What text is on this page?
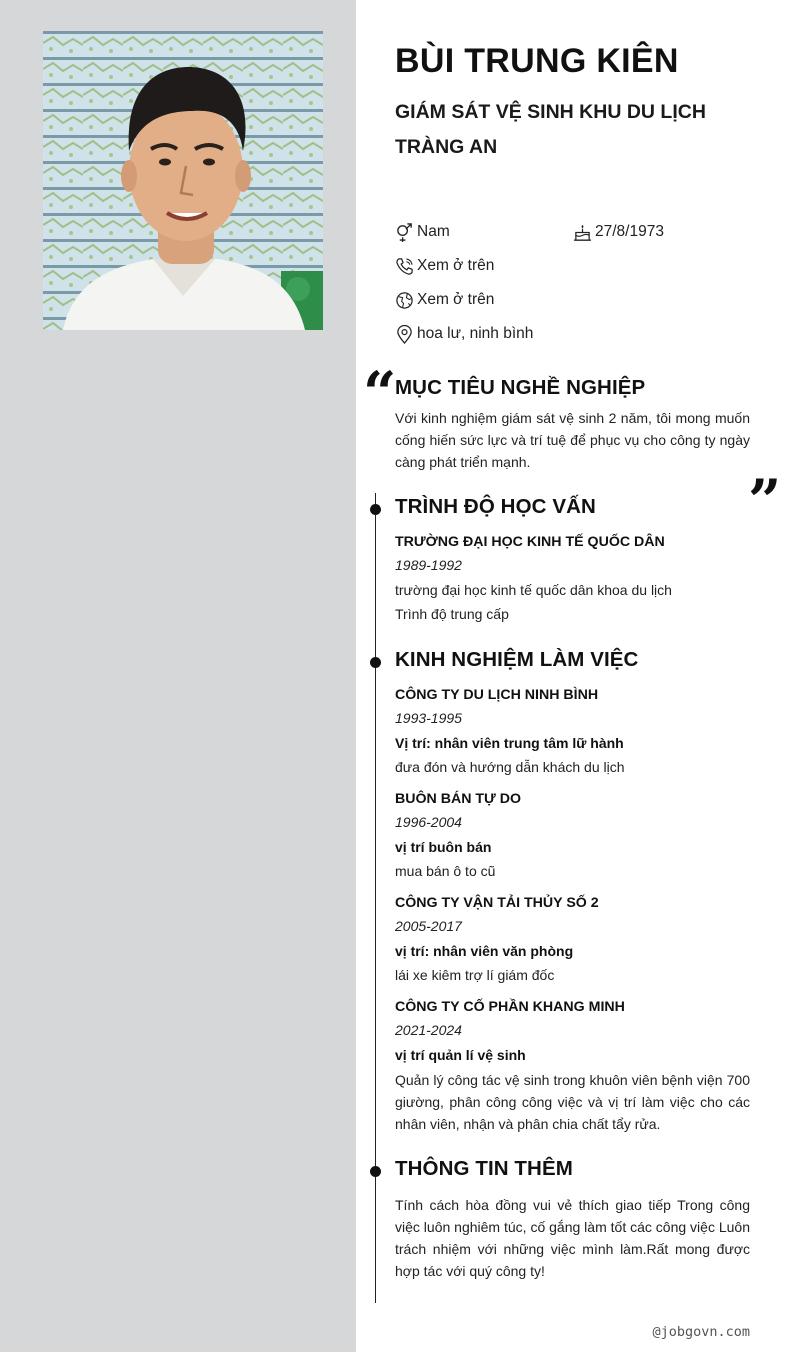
BÙI TRUNG KIÊN
GIÁM SÁT VỆ SINH KHU DU LỊCH TRÀNG AN
Nam	27/8/1973
Xem ở trên
Xem ở trên
hoa lư, ninh bình
“
MỤC TIÊU NGHỀ NGHIỆP
Với kinh nghiệm giám sát vệ sinh 2 năm, tôi mong muốn cống hiến sức lực và trí tuệ để phục vụ cho công ty ngày càng phát triển mạnh.
”
TRÌNH ĐỘ HỌC VẤN
TRƯỜNG ĐẠI HỌC KINH TẾ QUỐC DÂN
1989-1992
trường đại học kinh tế quốc dân khoa du lịch
Trình độ trung cấp
KINH NGHIỆM LÀM VIỆC
CÔNG TY DU LỊCH NINH BÌNH
1993-1995
Vị trí: nhân viên trung tâm lữ hành
đưa đón và hướng dẫn khách du lịch
BUÔN BÁN TỰ DO
1996-2004
vị trí buôn bán
mua bán ô to cũ
CÔNG TY VẬN TẢI THỦY SỐ 2
2005-2017
vị trí: nhân viên văn phòng
lái xe kiêm trợ lí giám đốc
CÔNG TY CỐ PHẦN KHANG MINH
2021-2024
vị trí quản lí vệ sinh
Quản lý công tác vệ sinh trong khuôn viên bệnh viện 700 giường, phân công công việc và vị trí làm việc cho các nhân viên, nhận và phân chia chất tẩy rửa.
THÔNG TIN THÊM
Tính cách hòa đồng vui vẻ thích giao tiếp Trong công việc luôn nghiêm túc, cố gắng làm tốt các công việc Luôn trách nhiệm với những việc mình làm.Rất mong được hợp tác với quý công ty!
@jobgovn.com
